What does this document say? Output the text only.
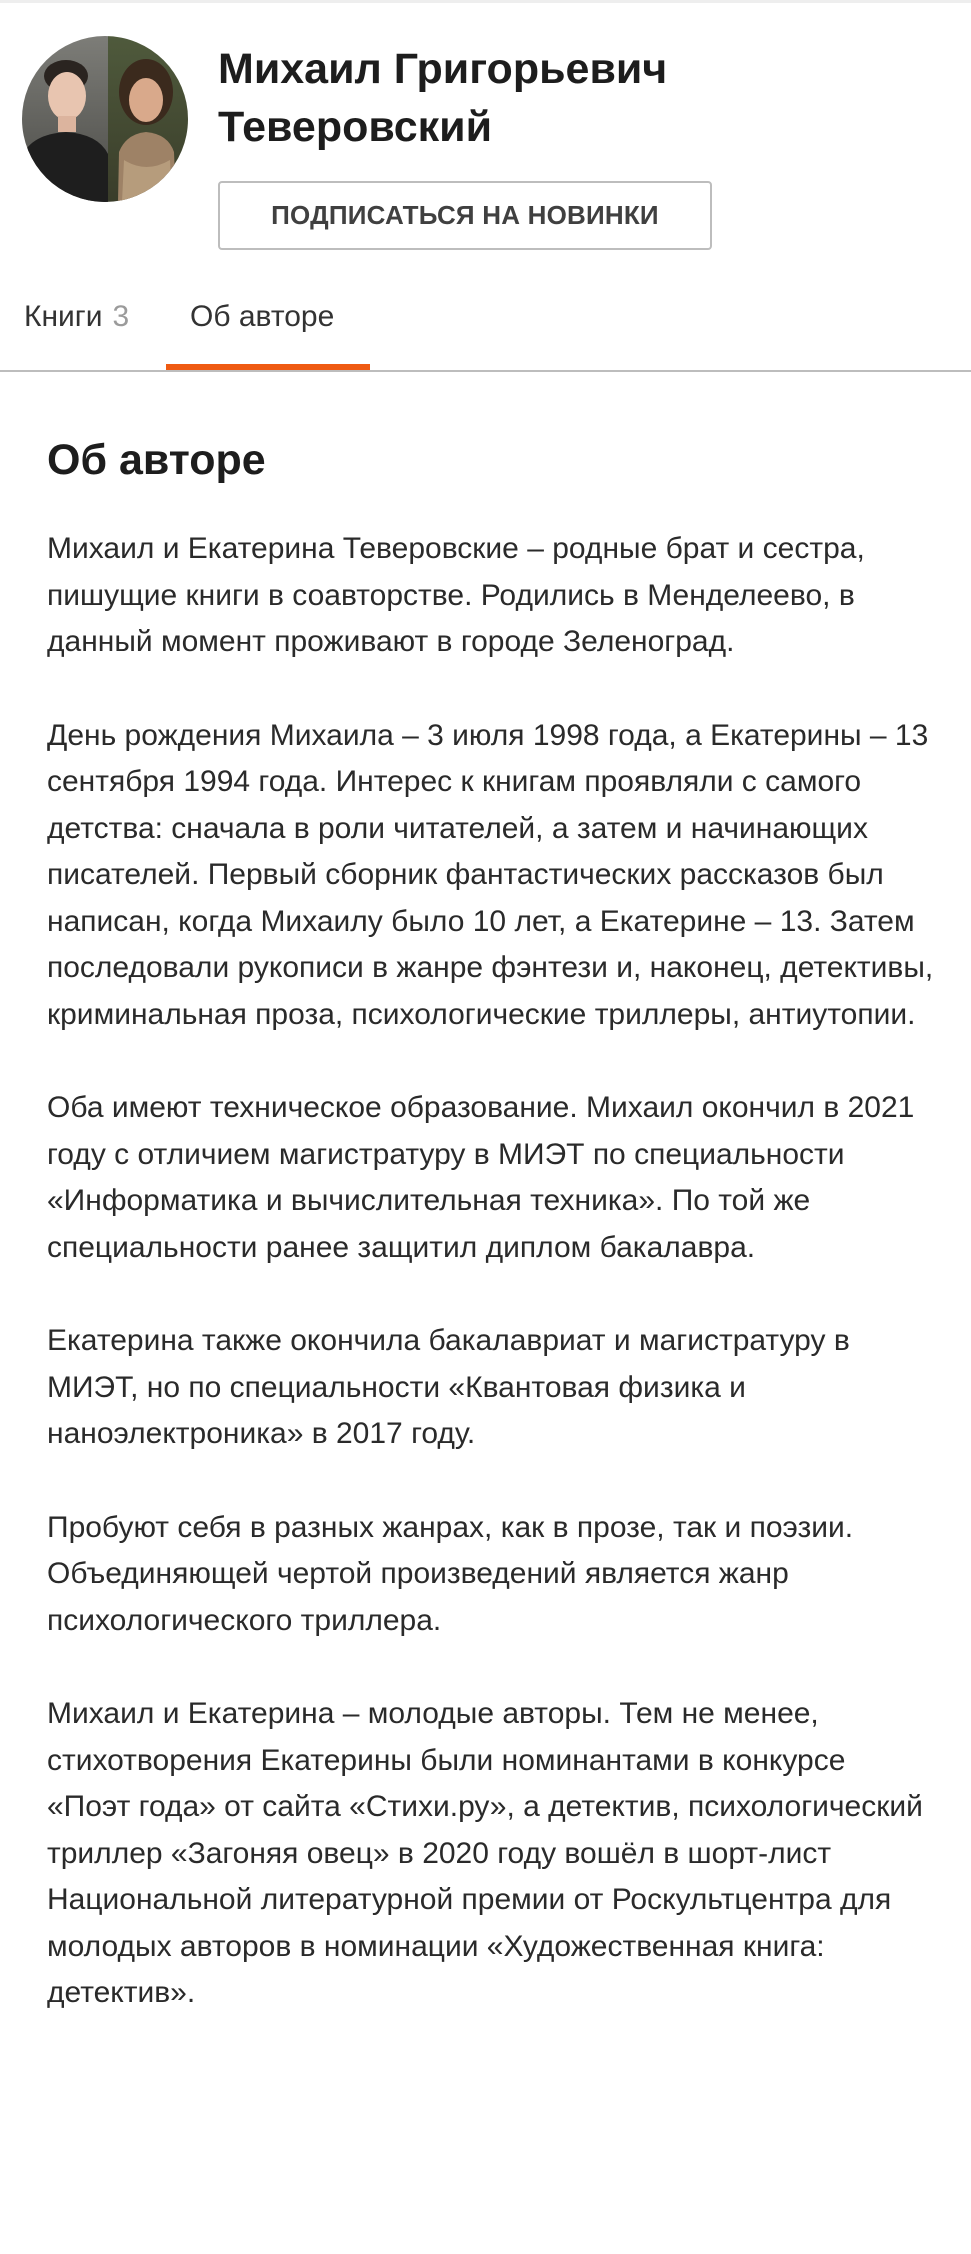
Михаил Григорьевич
Теверовский
ПОДПИСАТЬСЯ НА НОВИНКИ
Книги 3 Об авторе
Об авторе

Михаил и Екатерина Теверовские – родные брат и сестра, пишущие книги в соавторстве. Родились в Менделеево, в данный момент проживают в городе Зеленоград.

День рождения Михаила – 3 июля 1998 года, а Екатерины – 13 сентября 1994 года. Интерес к книгам проявляли с самого детства: сначала в роли читателей, а затем и начинающих писателей. Первый сборник фантастических рассказов был написан, когда Михаилу было 10 лет, а Екатерине – 13. Затем последовали рукописи в жанре фэнтези и, наконец, детективы, криминальная проза, психологические триллеры, антиутопии.

Оба имеют техническое образование. Михаил окончил в 2021 году с отличием магистратуру в МИЭТ по специальности «Информатика и вычислительная техника». По той же специальности ранее защитил диплом бакалавра.

Екатерина также окончила бакалавриат и магистратуру в МИЭТ, но по специальности «Квантовая физика и наноэлектроника» в 2017 году.

Пробуют себя в разных жанрах, как в прозе, так и поэзии. Объединяющей чертой произведений является жанр психологического триллера.

Михаил и Екатерина – молодые авторы. Тем не менее, стихотворения Екатерины были номинантами в конкурсе «Поэт года» от сайта «Стихи.ру», а детектив, психологический триллер «Загоняя овец» в 2020 году вошёл в шорт-лист Национальной литературной премии от Роскультцентра для молодых авторов в номинации «Художественная книга: детектив».
